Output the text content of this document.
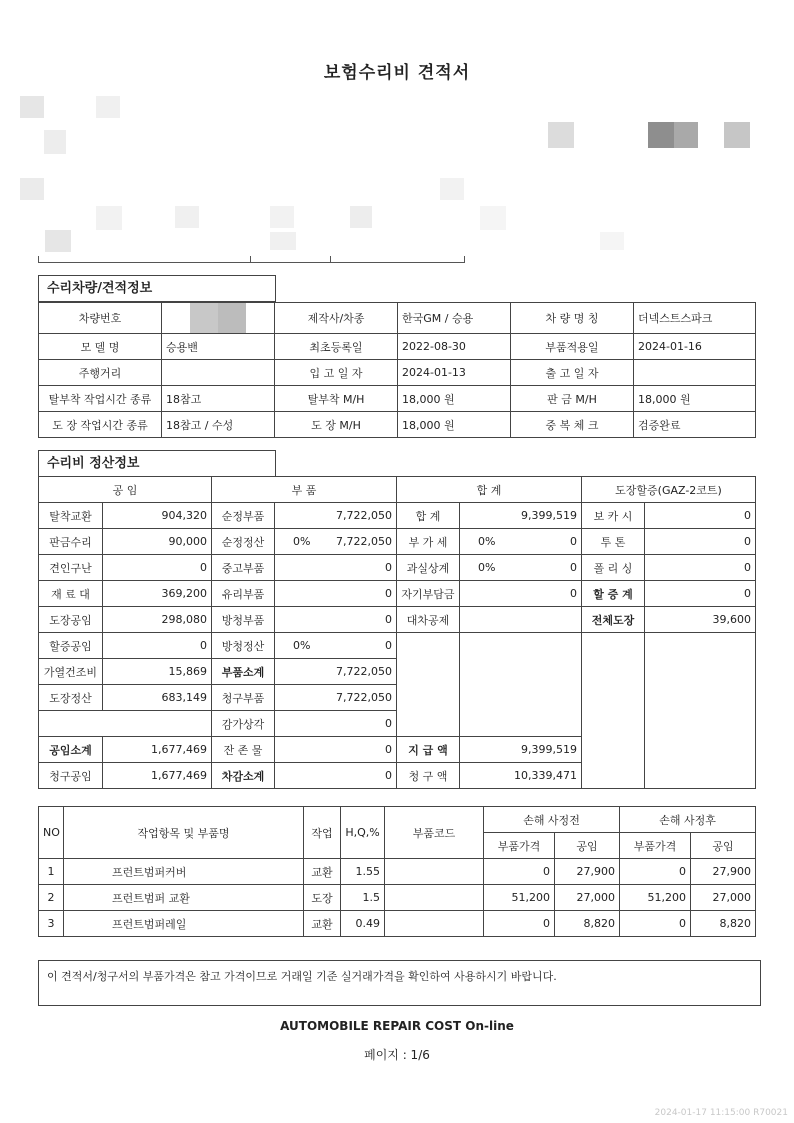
보험수리비 견적서
수리차량/견적정보
차량번호		제작사/차종	한국GM / 승용	차 량 명 칭	더넥스트스파크
모 델 명	승용밴	최초등록일	2022-08-30	부품적용일	2024-01-16
주행거리		입 고 일 자	2024-01-13	출 고 일 자	
탈부착 작업시간 종류	18참고	탈부착 M/H	18,000 원	판 금 M/H	18,000 원
도 장 작업시간 종류	18참고 / 수성	도 장 M/H	18,000 원	중 복 체 크	검증완료
수리비 정산정보
공 임		부 품			합 계			도장할증(GAZ-2코트)	
탈착교환	904,320	순정부품	7,722,050		합 계	9,399,519		보 카 시	0
판금수리	90,000	순정정산	0%	7,722,050	부 가 세	0%	0	투 톤	0
견인구난	0	중고부품	0		과실상계	0%	0	폴 리 싱	0
재 료 대	369,200	유리부품	0		자기부담금	0		할 증 계	0
도장공임	298,080	방청부품	0		대차공제			전체도장	39,600
할증공임	0	방청정산	0%	0					
가열건조비	15,869	부품소계	7,722,050						
도장정산	683,149	청구부품	7,722,050						
		감가상각	0						
공임소계	1,677,469	잔 존 물	0		지 급 액	9,399,519			
청구공임	1,677,469	차감소계	0		청 구 액	10,339,471			
NO	작업항목 및 부품명	작업	H,Q,%	부품코드	손해 사정전		손해 사정후	
					부품가격	공임	부품가격	공임
1	프런트범퍼커버	교환	1.55		0	27,900	0	27,900
2	프런트범퍼 교환	도장	1.5		51,200	27,000	51,200	27,000
3	프런트범퍼레일	교환	0.49		0	8,820	0	8,820
이 견적서/청구서의 부품가격은 참고 가격이므로 거래일 기준 실거래가격을 확인하여 사용하시기 바랍니다.
AUTOMOBILE REPAIR COST On-line
페이지 : 1/6
2024-01-17 11:15:00 R70021
